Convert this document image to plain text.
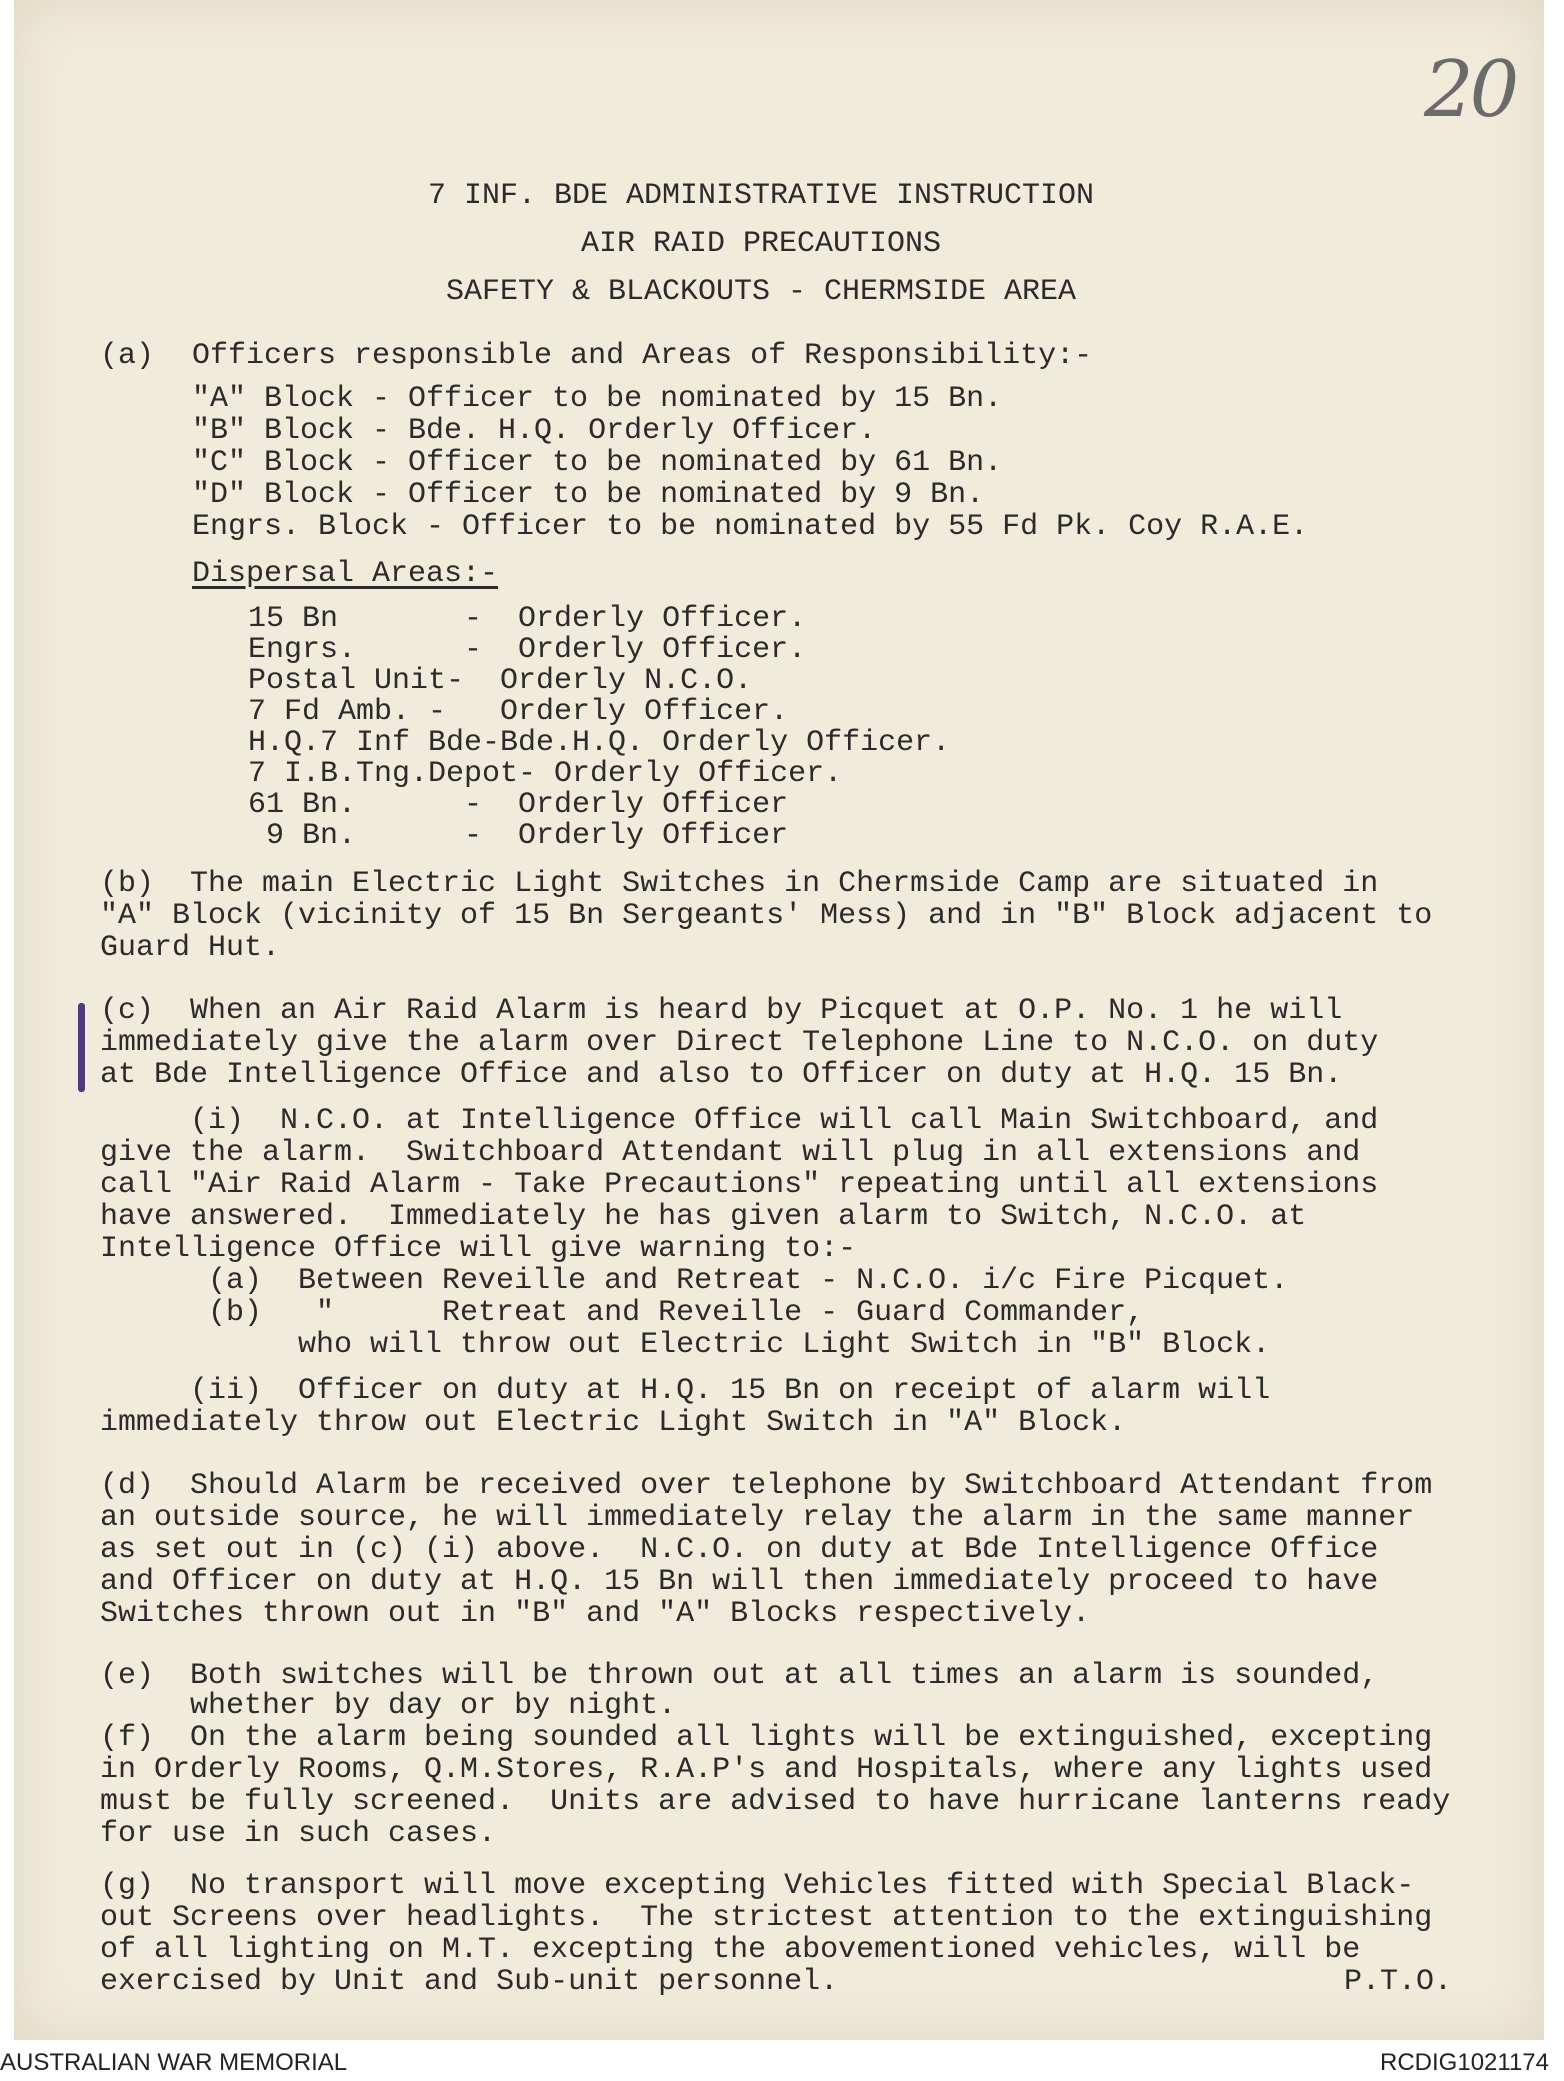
20

7 INF. BDE ADMINISTRATIVE INSTRUCTION

AIR RAID PRECAUTIONS

SAFETY & BLACKOUTS - CHERMSIDE AREA

(a)

Officers responsible and Areas of Responsibility:-

"A" Block - Officer to be nominated by 15 Bn.

"B" Block - Bde. H.Q. Orderly Officer.

"C" Block - Officer to be nominated by 61 Bn.

"D" Block - Officer to be nominated by 9 Bn.

Engrs. Block - Officer to be nominated by 55 Fd Pk. Coy R.A.E.

Dispersal Areas:-

15 Bn       -  Orderly Officer.

Engrs.      -  Orderly Officer.

Postal Unit-  Orderly N.C.O.

7 Fd Amb. -   Orderly Officer.

H.Q.7 Inf Bde-Bde.H.Q. Orderly Officer.

7 I.B.Tng.Depot- Orderly Officer.

61 Bn.      -  Orderly Officer

9 Bn.      -  Orderly Officer

(b)  The main Electric Light Switches in Chermside Camp are situated in

"A" Block (vicinity of 15 Bn Sergeants' Mess) and in "B" Block adjacent to

Guard Hut.

(c)  When an Air Raid Alarm is heard by Picquet at O.P. No. 1 he will

immediately give the alarm over Direct Telephone Line to N.C.O. on duty

at Bde Intelligence Office and also to Officer on duty at H.Q. 15 Bn.

(i)  N.C.O. at Intelligence Office will call Main Switchboard, and

give the alarm.  Switchboard Attendant will plug in all extensions and

call "Air Raid Alarm - Take Precautions" repeating until all extensions

have answered.  Immediately he has given alarm to Switch, N.C.O. at

Intelligence Office will give warning to:-

(a)  Between Reveille and Retreat - N.C.O. i/c Fire Picquet.

(b)   "      Retreat and Reveille - Guard Commander,

who will throw out Electric Light Switch in "B" Block.

(ii)  Officer on duty at H.Q. 15 Bn on receipt of alarm will

immediately throw out Electric Light Switch in "A" Block.

(d)  Should Alarm be received over telephone by Switchboard Attendant from

an outside source, he will immediately relay the alarm in the same manner

as set out in (c) (i) above.  N.C.O. on duty at Bde Intelligence Office

and Officer on duty at H.Q. 15 Bn will then immediately proceed to have

Switches thrown out in "B" and "A" Blocks respectively.

(e)  Both switches will be thrown out at all times an alarm is sounded,

whether by day or by night.

(f)  On the alarm being sounded all lights will be extinguished, excepting

in Orderly Rooms, Q.M.Stores, R.A.P's and Hospitals, where any lights used

must be fully screened.  Units are advised to have hurricane lanterns ready

for use in such cases.

(g)  No transport will move excepting Vehicles fitted with Special Black-

out Screens over headlights.  The strictest attention to the extinguishing

of all lighting on M.T. excepting the abovementioned vehicles, will be

exercised by Unit and Sub-unit personnel.

	P.T.O.

AUSTRALIAN WAR MEMORIAL	RCDIG1021174
